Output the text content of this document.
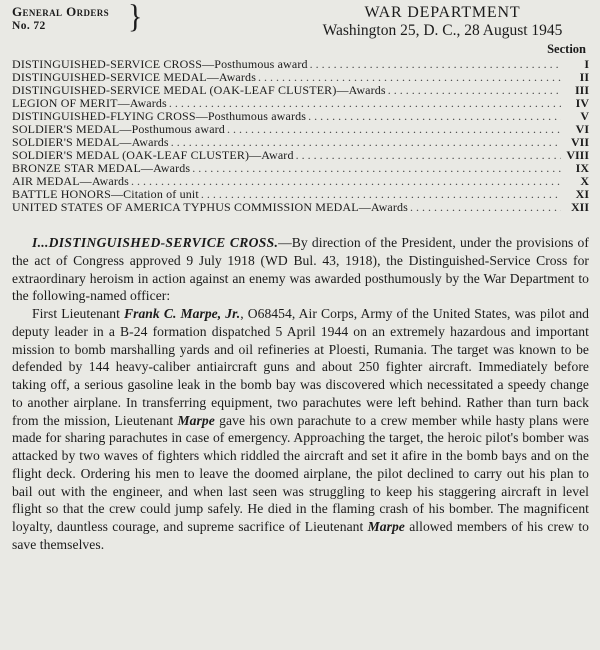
General Orders
No. 72	}	WAR DEPARTMENT
Washington 25, D. C., 28 August 1945
Section
DISTINGUISHED-SERVICE CROSS—Posthumous award . . .	I
DISTINGUISHED-SERVICE MEDAL—Awards . . .	II
DISTINGUISHED-SERVICE MEDAL (OAK-LEAF CLUSTER)—Awards . . .	III
LEGION OF MERIT—Awards . . .	IV
DISTINGUISHED-FLYING CROSS—Posthumous awards . . .	V
SOLDIER'S MEDAL—Posthumous award . . .	VI
SOLDIER'S MEDAL—Awards . . .	VII
SOLDIER'S MEDAL (OAK-LEAF CLUSTER)—Award . . .	VIII
BRONZE STAR MEDAL—Awards . . .	IX
AIR MEDAL—Awards . . .	X
BATTLE HONORS—Citation of unit . . .	XI
UNITED STATES OF AMERICA TYPHUS COMMISSION MEDAL—Awards . . .	XII

I...DISTINGUISHED-SERVICE CROSS.—By direction of the President, under the provisions of the act of Congress approved 9 July 1918 (WD Bul. 43, 1918), the Distinguished-Service Cross for extraordinary heroism in action against an enemy was awarded posthumously by the War Department to the following-named officer:

First Lieutenant Frank C. Marpe, Jr., O68454, Air Corps, Army of the United States, was pilot and deputy leader in a B-24 formation dispatched 5 April 1944 on an extremely hazardous and important mission to bomb marshalling yards and oil refineries at Ploesti, Rumania. The target was known to be defended by 144 heavy-caliber antiaircraft guns and about 250 fighter aircraft. Immediately before taking off, a serious gasoline leak in the bomb bay was discovered which necessitated a speedy change to another airplane. In transferring equipment, two parachutes were left behind. Rather than turn back from the mission, Lieutenant Marpe gave his own parachute to a crew member while hasty plans were made for sharing parachutes in case of emergency. Approaching the target, the heroic pilot's bomber was attacked by two waves of fighters which riddled the aircraft and set it afire in the bomb bays and on the flight deck. Ordering his men to leave the doomed airplane, the pilot declined to carry out his plan to bail out with the engineer, and when last seen was struggling to keep his staggering aircraft in level flight so that the crew could jump safely. He died in the flaming crash of his bomber. The magnificent loyalty, dauntless courage, and supreme sacrifice of Lieutenant Marpe allowed members of his crew to save themselves.
